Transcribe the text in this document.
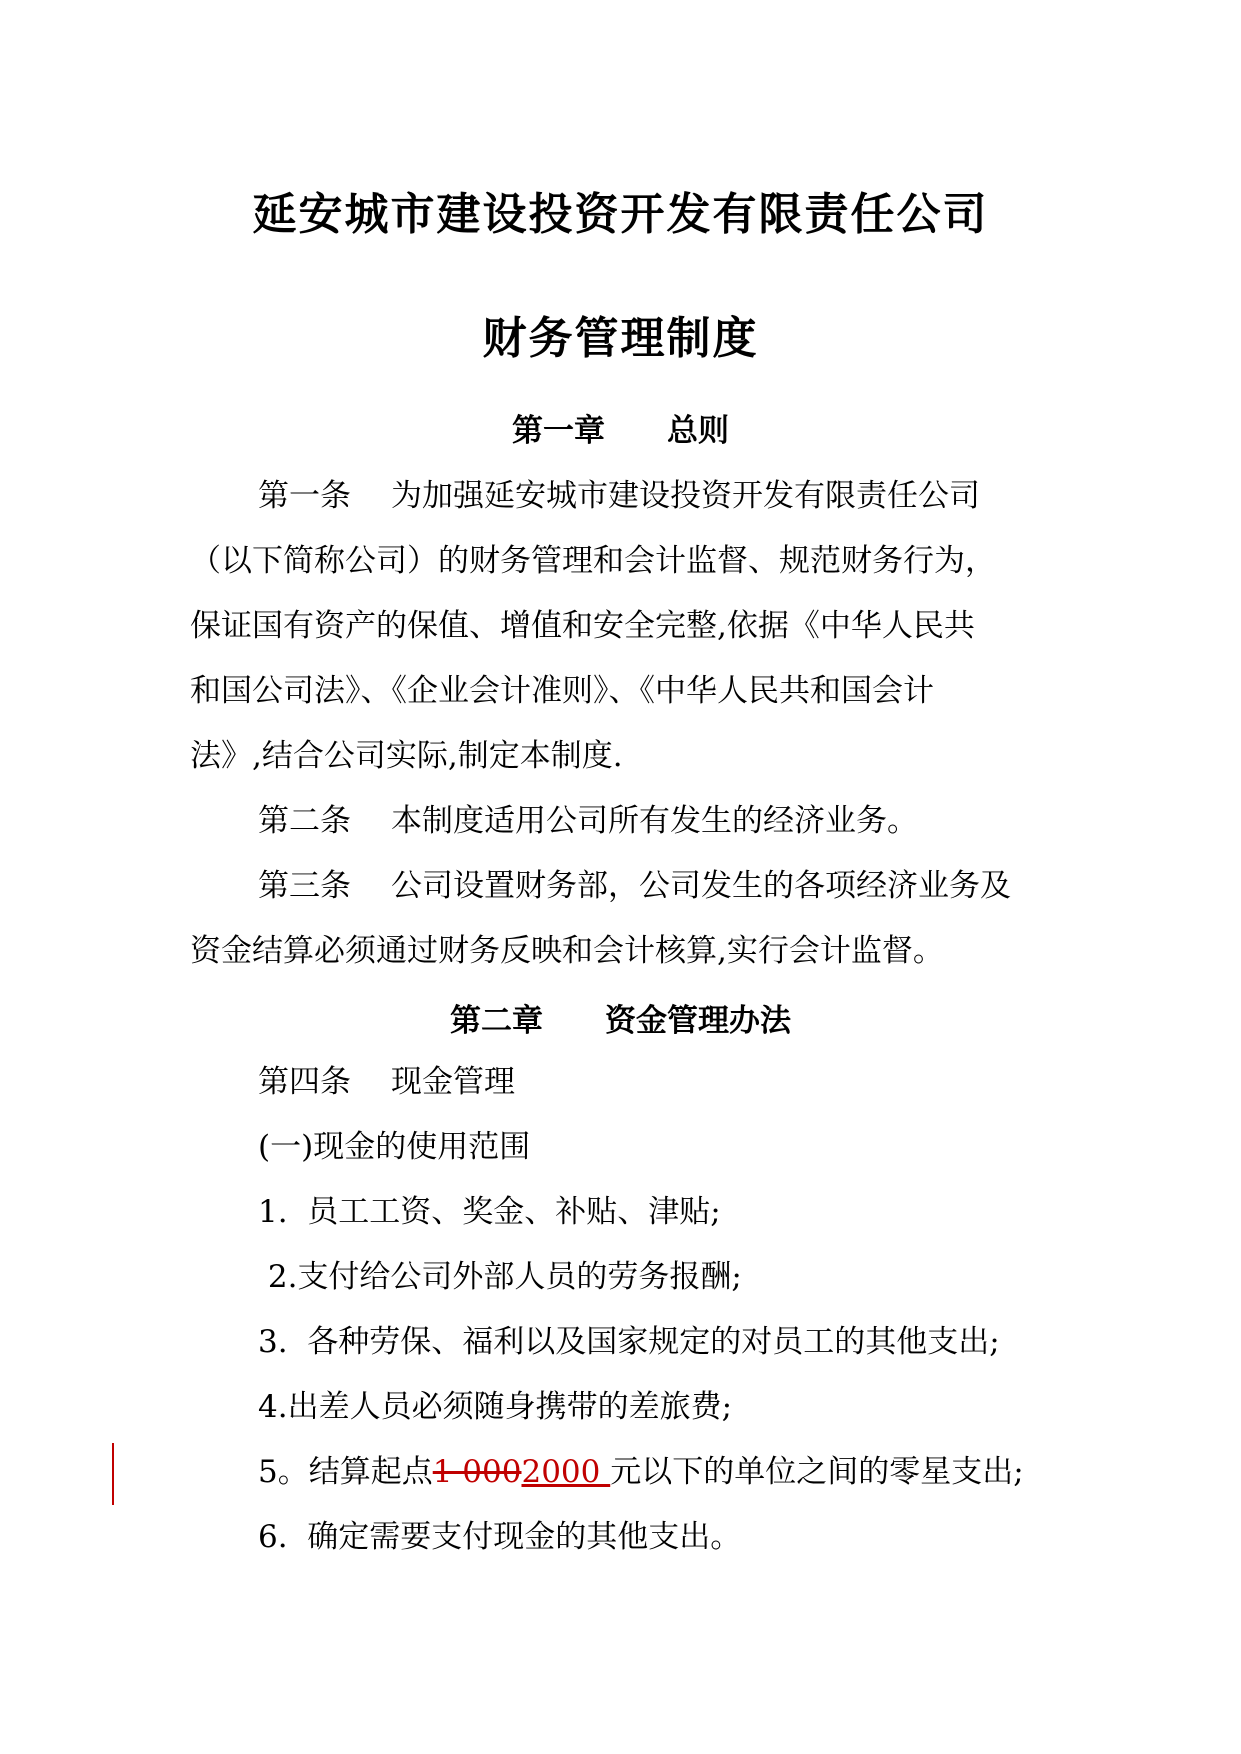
延安城市建设投资开发有限责任公司
财务管理制度
第一章 总则
第一条 为加强延安城市建设投资开发有限责任公司
（以下简称公司）的财务管理和会计监督、规范财务行为，
保证国有资产的保值、增值和安全完整,依据《中华人民共
和国公司法》、《企业会计准则》、《中华人民共和国会计
法》,结合公司实际,制定本制度.
第二条 本制度适用公司所有发生的经济业务。
第三条 公司设置财务部，公司发生的各项经济业务及
资金结算必须通过财务反映和会计核算,实行会计监督。
第二章 资金管理办法
第四条 现金管理
(一)现金的使用范围
1. 员工工资、奖金、补贴、津贴;
2.支付给公司外部人员的劳务报酬;
3. 各种劳保、福利以及国家规定的对员工的其他支出;
4.出差人员必须随身携带的差旅费;
5。结算起点1 0002000 元以下的单位之间的零星支出;
6. 确定需要支付现金的其他支出。
